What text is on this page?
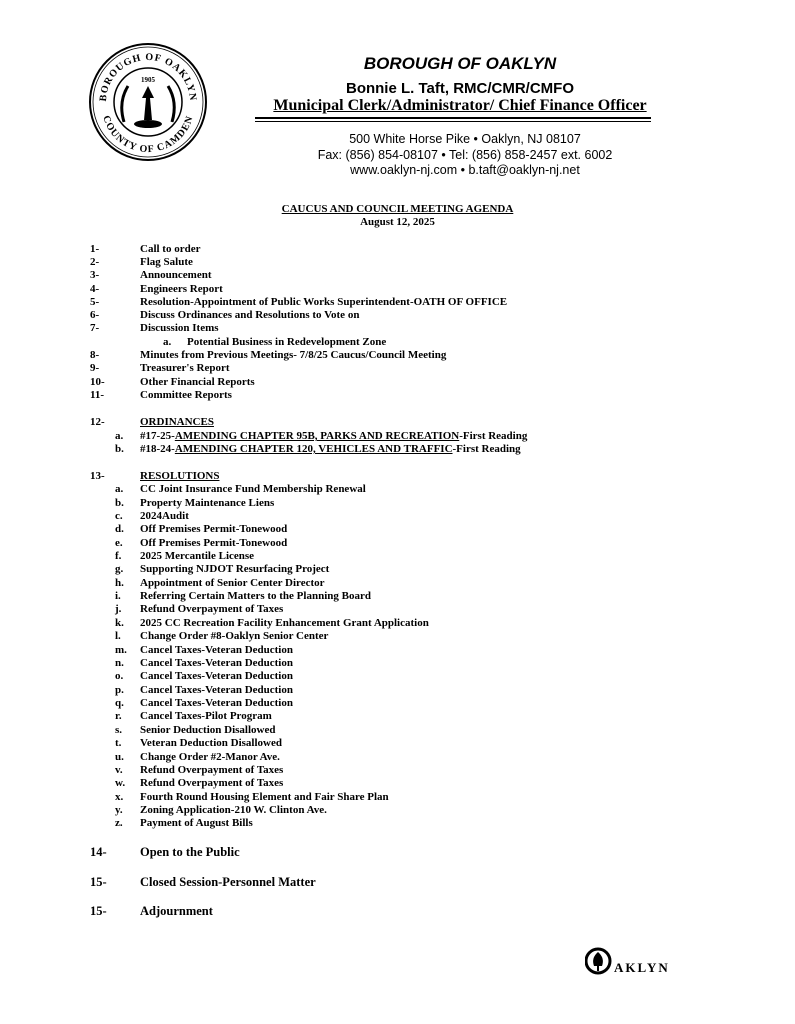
BOROUGH OF OAKLYN
COUNTY OF CAMDEN
1905
BOROUGH OF OAKLYN
Bonnie L. Taft, RMC/CMR/CMFO
Municipal Clerk/Administrator/ Chief Finance Officer
500 White Horse Pike • Oaklyn, NJ 08107
Fax: (856) 854-08107 • Tel: (856) 858-2457 ext. 6002
www.oaklyn-nj.com • b.taft@oaklyn-nj.net
CAUCUS AND COUNCIL MEETING AGENDA
August 12, 2025
1-	Call to order
2-	Flag Salute
3-	Announcement
4-	Engineers Report
5-	Resolution-Appointment of Public Works Superintendent-OATH OF OFFICE
6-	Discuss Ordinances and Resolutions to Vote on
7-	Discussion Items
a. Potential Business in Redevelopment Zone
8-	Minutes from Previous Meetings- 7/8/25 Caucus/Council Meeting
9-	Treasurer's Report
10-	Other Financial Reports
11-	Committee Reports
12-	ORDINANCES
a. #17-25-AMENDING CHAPTER 95B, PARKS AND RECREATION-First Reading
b. #18-24-AMENDING CHAPTER 120, VEHICLES AND TRAFFIC-First Reading
13-	RESOLUTIONS
a. CC Joint Insurance Fund Membership Renewal
b. Property Maintenance Liens
c. 2024Audit
d. Off Premises Permit-Tonewood
e. Off Premises Permit-Tonewood
f. 2025 Mercantile License
g. Supporting NJDOT Resurfacing Project
h. Appointment of Senior Center Director
i. Referring Certain Matters to the Planning Board
j. Refund Overpayment of Taxes
k. 2025 CC Recreation Facility Enhancement Grant Application
l. Change Order #8-Oaklyn Senior Center
m. Cancel Taxes-Veteran Deduction
n. Cancel Taxes-Veteran Deduction
o. Cancel Taxes-Veteran Deduction
p. Cancel Taxes-Veteran Deduction
q. Cancel Taxes-Veteran Deduction
r. Cancel Taxes-Pilot Program
s. Senior Deduction Disallowed
t. Veteran Deduction Disallowed
u. Change Order #2-Manor Ave.
v. Refund Overpayment of Taxes
w. Refund Overpayment of Taxes
x. Fourth Round Housing Element and Fair Share Plan
y. Zoning Application-210 W. Clinton Ave.
z. Payment of August Bills
14-	Open to the Public
15-	Closed Session-Personnel Matter
15-	Adjournment
AKLYN
